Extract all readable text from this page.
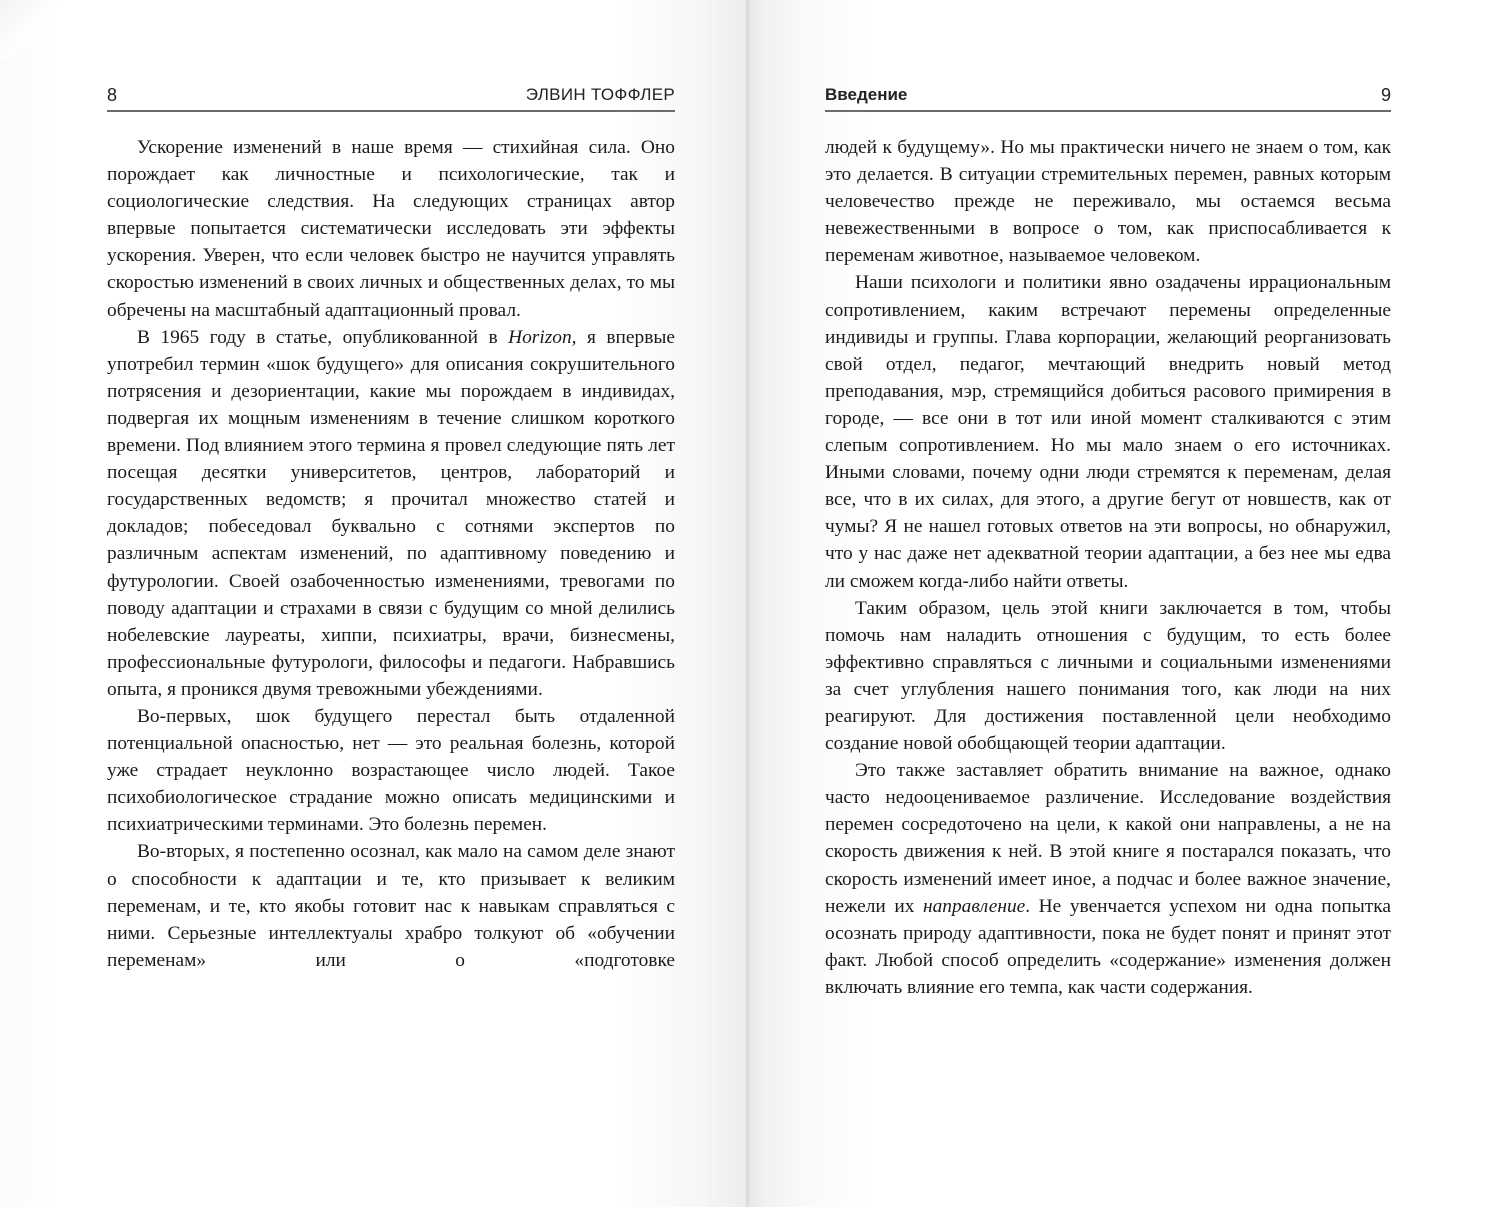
8	ЭЛВИН ТОФФЛЕР

Ускорение изменений в наше время — стихийная сила. Оно порождает как личностные и психологические, так и социологические следствия. На следующих страницах автор впервые попытается систематически исследовать эти эффекты ускорения. Уверен, что если человек быстро не научится управлять скоростью изменений в своих личных и общественных делах, то мы обречены на масштабный адаптационный провал.

В 1965 году в статье, опубликованной в Horizon, я впервые употребил термин «шок будущего» для описания сокрушительного потрясения и дезориентации, какие мы порождаем в индивидах, подвергая их мощным изменениям в течение слишком короткого времени. Под влиянием этого термина я провел следующие пять лет посещая десятки университетов, центров, лабораторий и государственных ведомств; я прочитал множество статей и докладов; побеседовал буквально с сотнями экспертов по различным аспектам изменений, по адаптивному поведению и футурологии. Своей озабоченностью изменениями, тревогами по поводу адаптации и страхами в связи с будущим со мной делились нобелевские лауреаты, хиппи, психиатры, врачи, бизнесмены, профессиональные футурологи, философы и педагоги. Набравшись опыта, я проникся двумя тревожными убеждениями.

Во-первых, шок будущего перестал быть отдаленной потенциальной опасностью, нет — это реальная болезнь, которой уже страдает неуклонно возрастающее число людей. Такое психобиологическое страдание можно описать медицинскими и психиатрическими терминами. Это болезнь перемен.

Во-вторых, я постепенно осознал, как мало на самом деле знают о способности к адаптации и те, кто призывает к великим переменам, и те, кто якобы готовит нас к навыкам справляться с ними. Серьезные интеллектуалы храбро толкуют об «обучении переменам» или о «подготовке

Введение	9

людей к будущему». Но мы практически ничего не знаем о том, как это делается. В ситуации стремительных перемен, равных которым человечество прежде не переживало, мы остаемся весьма невежественными в вопросе о том, как приспосабливается к переменам животное, называемое человеком.

Наши психологи и политики явно озадачены иррациональным сопротивлением, каким встречают перемены определенные индивиды и группы. Глава корпорации, желающий реорганизовать свой отдел, педагог, мечтающий внедрить новый метод преподавания, мэр, стремящийся добиться расового примирения в городе, — все они в тот или иной момент сталкиваются с этим слепым сопротивлением. Но мы мало знаем о его источниках. Иными словами, почему одни люди стремятся к переменам, делая все, что в их силах, для этого, а другие бегут от новшеств, как от чумы? Я не нашел готовых ответов на эти вопросы, но обнаружил, что у нас даже нет адекватной теории адаптации, а без нее мы едва ли сможем когда-либо найти ответы.

Таким образом, цель этой книги заключается в том, чтобы помочь нам наладить отношения с будущим, то есть более эффективно справляться с личными и социальными изменениями за счет углубления нашего понимания того, как люди на них реагируют. Для достижения поставленной цели необходимо создание новой обобщающей теории адаптации.

Это также заставляет обратить внимание на важное, однако часто недооцениваемое различение. Исследование воздействия перемен сосредоточено на цели, к какой они направлены, а не на скорость движения к ней. В этой книге я постарался показать, что скорость изменений имеет иное, а подчас и более важное значение, нежели их направление. Не увенчается успехом ни одна попытка осознать природу адаптивности, пока не будет понят и принят этот факт. Любой способ определить «содержание» изменения должен включать влияние его темпа, как части содержания.
